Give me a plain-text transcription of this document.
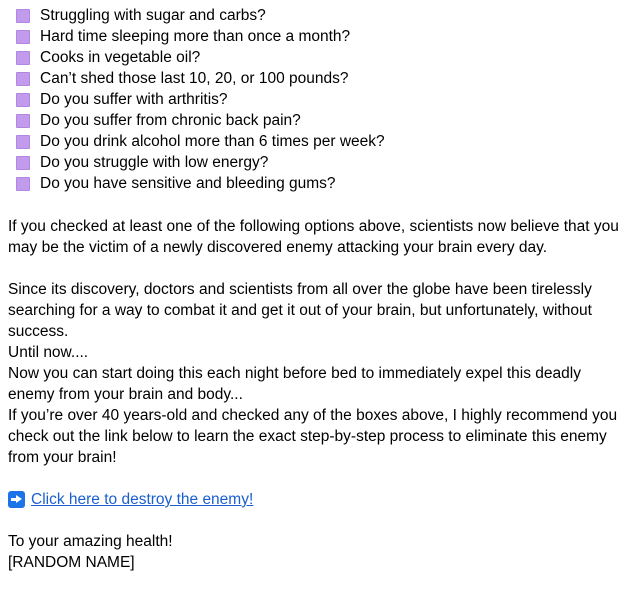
Struggling with sugar and carbs?
Hard time sleeping more than once a month?
Cooks in vegetable oil?
Can’t shed those last 10, 20, or 100 pounds?
Do you suffer with arthritis?
Do you suffer from chronic back pain?
Do you drink alcohol more than 6 times per week?
Do you struggle with low energy?
Do you have sensitive and bleeding gums?

If you checked at least one of the following options above, scientists now believe that you may be the victim of a newly discovered enemy attacking your brain every day.

Since its discovery, doctors and scientists from all over the globe have been tirelessly searching for a way to combat it and get it out of your brain, but unfortunately, without success.

Until now....

Now you can start doing this each night before bed to immediately expel this deadly enemy from your brain and body...

If you’re over 40 years-old and checked any of the boxes above, I highly recommend you check out the link below to learn the exact step-by-step process to eliminate this enemy from your brain!

Click here to destroy the enemy!
To your amazing health!
[RANDOM NAME]
